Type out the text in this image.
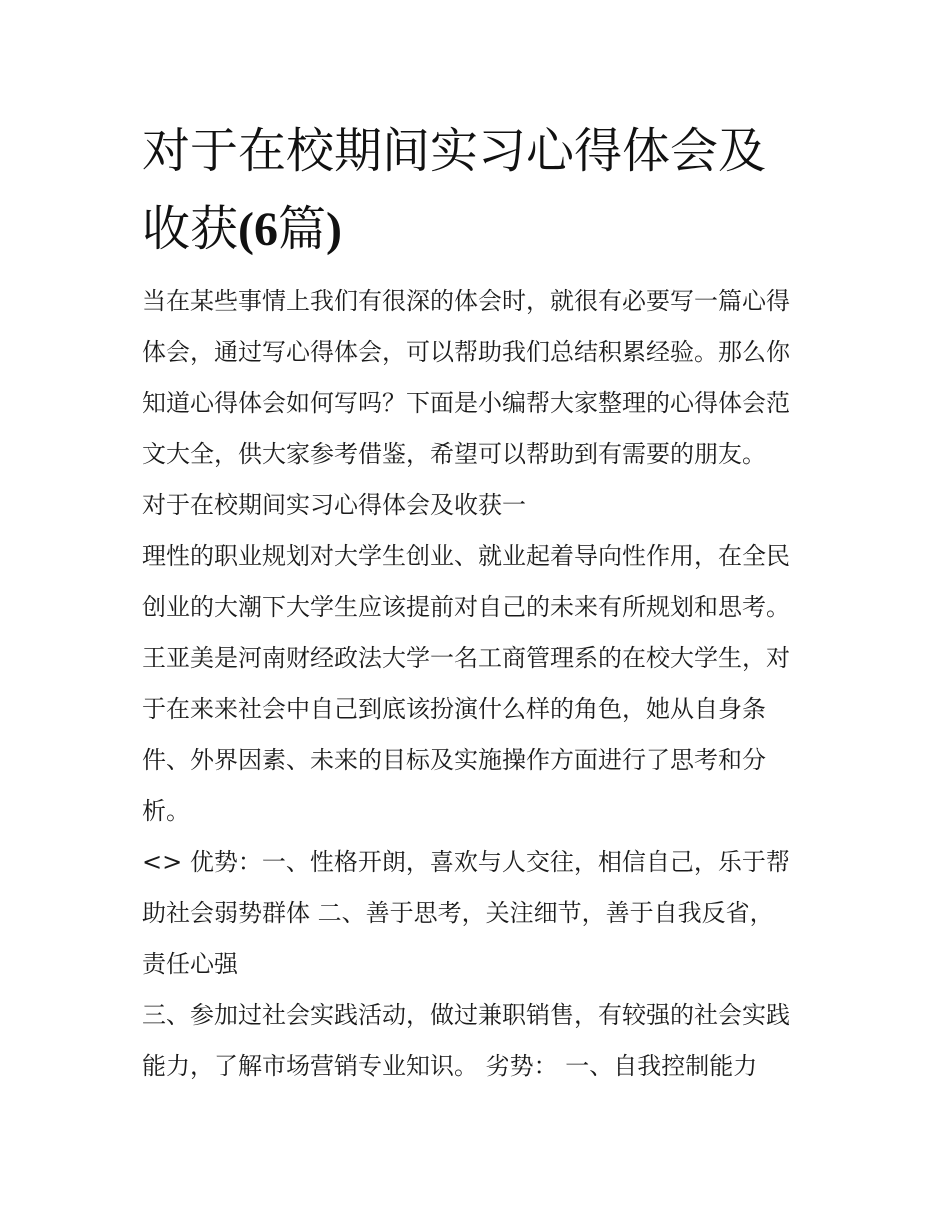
对于在校期间实习心得体会及
收获(6篇)

当在某些事情上我们有很深的体会时，就很有必要写一篇心得

体会，通过写心得体会，可以帮助我们总结积累经验。那么你

知道心得体会如何写吗？下面是小编帮大家整理的心得体会范

文大全，供大家参考借鉴，希望可以帮助到有需要的朋友。

对于在校期间实习心得体会及收获一

理性的职业规划对大学生创业、就业起着导向性作用，在全民

创业的大潮下大学生应该提前对自己的未来有所规划和思考。

王亚美是河南财经政法大学一名工商管理系的在校大学生，对

于在来来社会中自己到底该扮演什么样的角色，她从自身条

件、外界因素、未来的目标及实施操作方面进行了思考和分

析。

<> 优势：一、性格开朗，喜欢与人交往，相信自己，乐于帮

助社会弱势群体 二、善于思考，关注细节，善于自我反省，

责任心强

三、参加过社会实践活动，做过兼职销售，有较强的社会实践

能力，了解市场营销专业知识。 劣势： 一、自我控制能力
